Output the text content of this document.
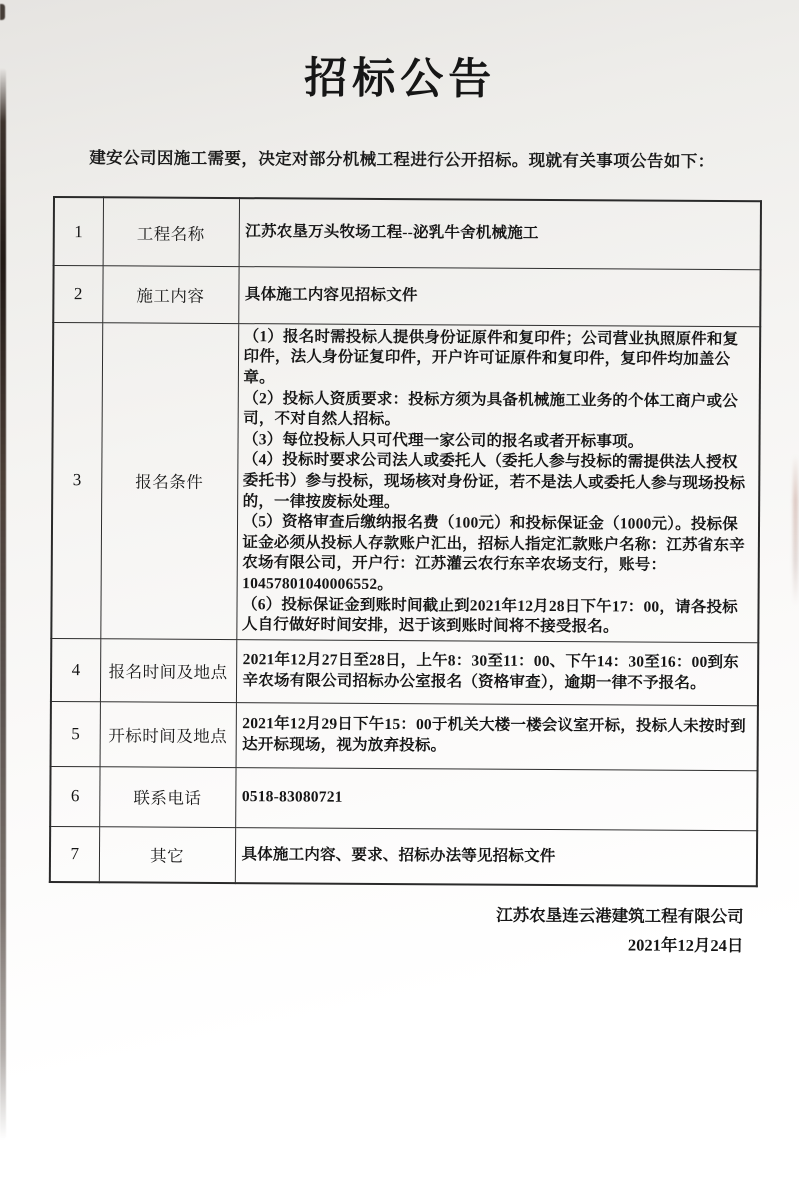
招标公告

建安公司因施工需要，决定对部分机械工程进行公开招标。现就有关事项公告如下：

1	工程名称	江苏农垦万头牧场工程--泌乳牛舍机械施工
2	施工内容	具体施工内容见招标文件
3	报名条件	

（1）报名时需投标人提供身份证原件和复印件；公司营业执照原件和复印件，法人身份证复印件，开户许可证原件和复印件，复印件均加盖公章。

（2）投标人资质要求：投标方须为具备机械施工业务的个体工商户或公司，不对自然人招标。

（3）每位投标人只可代理一家公司的报名或者开标事项。

（4）投标时要求公司法人或委托人（委托人参与投标的需提供法人授权委托书）参与投标，现场核对身份证，若不是法人或委托人参与现场投标的，一律按废标处理。

（5）资格审查后缴纳报名费（100元）和投标保证金（1000元）。投标保证金必须从投标人存款账户汇出，招标人指定汇款账户名称：江苏省东辛农场有限公司，开户行：江苏灌云农行东辛农场支行，账号：10457801040006552。

（6）投标保证金到账时间截止到2021年12月28日下午17：00，请各投标人自行做好时间安排，迟于该到账时间将不接受报名。

4	报名时间及地点	2021年12月27日至28日，上午8：30至11：00、下午14：30至16：00到东辛农场有限公司招标办公室报名（资格审查），逾期一律不予报名。
5	开标时间及地点	2021年12月29日下午15：00于机关大楼一楼会议室开标，投标人未按时到达开标现场，视为放弃投标。
6	联系电话	0518-83080721
7	其它	具体施工内容、要求、招标办法等见招标文件
江苏农垦连云港建筑工程有限公司
2021年12月24日
